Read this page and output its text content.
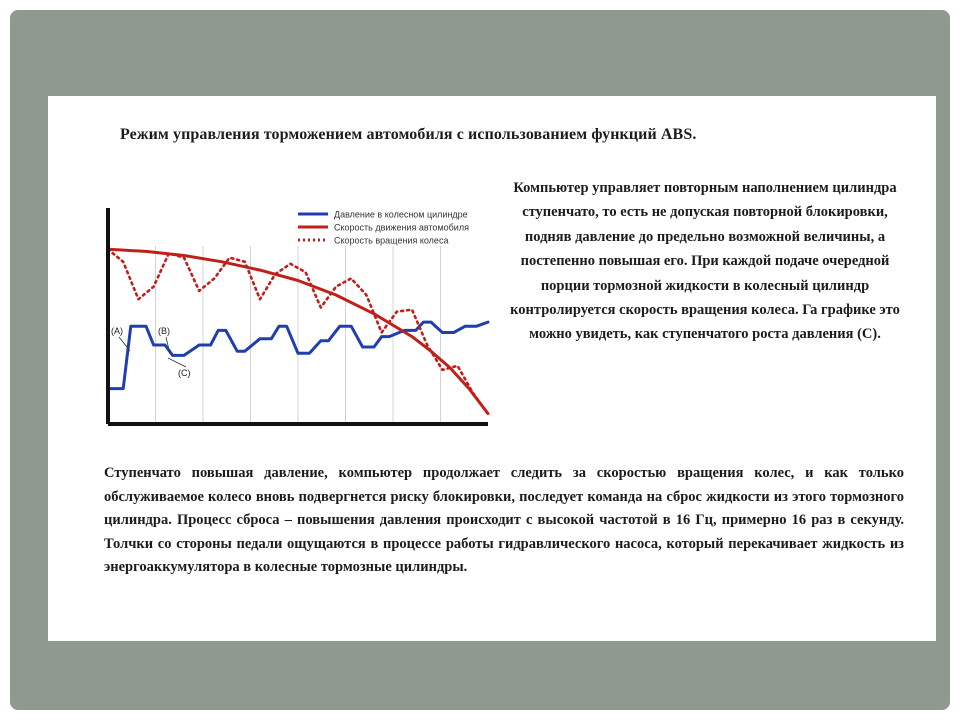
Режим управления торможением автомобиля с использованием функций ABS.
Давление в колесном цилиндре
Скорость движения автомобиля
Скорость вращения колеса
(A)	(B)
(C)
Компьютер управляет повторным наполнением цилиндра ступенчато, то есть не допуская повторной блокировки, подняв давление до предельно возможной величины, а постепенно повышая его. При каждой подаче очередной порции тормозной жидкости в колесный цилиндр контролируется скорость вращения колеса. Га графике это можно увидеть, как ступенчатого роста давления (С).
Ступенчато повышая давление, компьютер продолжает следить за скоростью вращения колес, и как только обслуживаемое колесо вновь подвергнется риску блокировки, последует команда на сброс жидкости из этого тормозного цилиндра. Процесс сброса – повышения давления происходит с высокой частотой в 16 Гц, примерно 16 раз в секунду. Толчки со стороны педали ощущаются в процессе работы гидравлического насоса, который перекачивает жидкость из энергоаккумулятора в колесные тормозные цилиндры.
